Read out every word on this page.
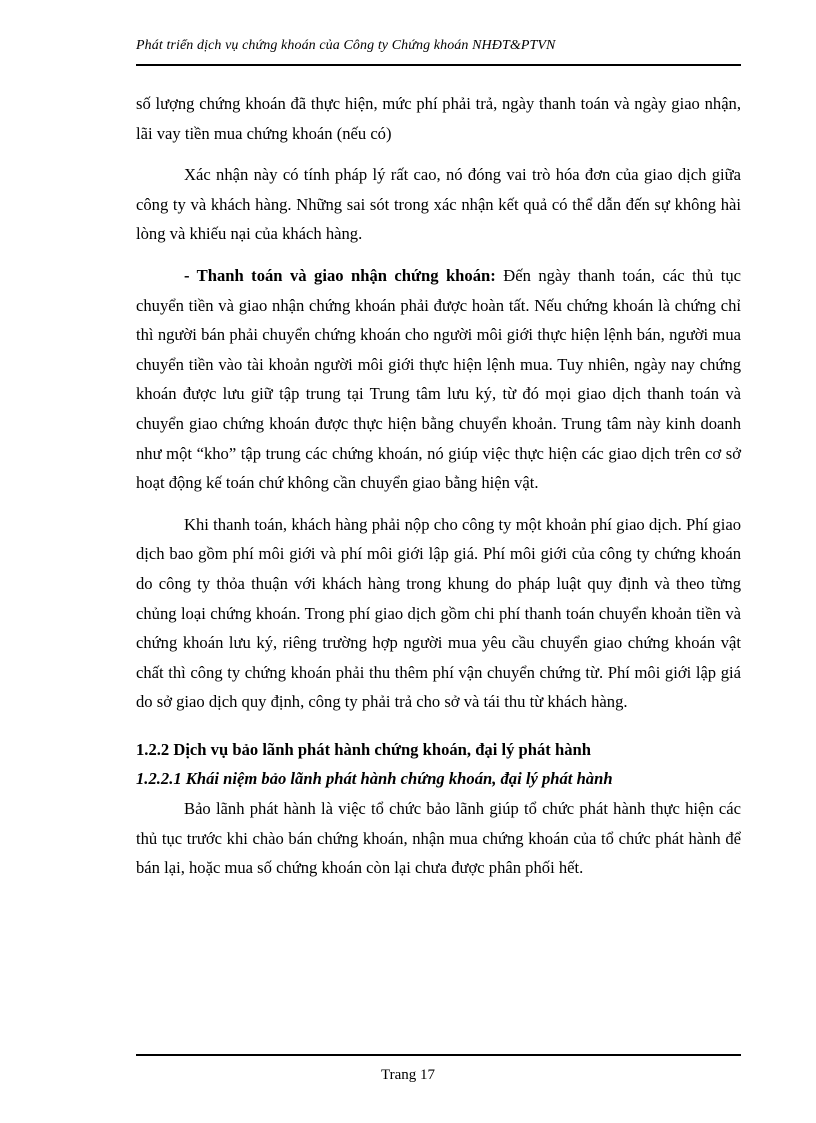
Phát triển dịch vụ chứng khoán của Công ty Chứng khoán NHĐT&PTVN

số lượng chứng khoán đã thực hiện, mức phí phải trả, ngày thanh toán và ngày giao nhận, lãi vay tiền mua chứng khoán (nếu có)

Xác nhận này có tính pháp lý rất cao, nó đóng vai trò hóa đơn của giao dịch giữa công ty và khách hàng. Những sai sót trong xác nhận kết quả có thể dẫn đến sự không hài lòng và khiếu nại của khách hàng.

- Thanh toán và giao nhận chứng khoán: Đến ngày thanh toán, các thủ tục chuyển tiền và giao nhận chứng khoán phải được hoàn tất. Nếu chứng khoán là chứng chỉ thì người bán phải chuyển chứng khoán cho người môi giới thực hiện lệnh bán, người mua chuyển tiền vào tài khoản người môi giới thực hiện lệnh mua. Tuy nhiên, ngày nay chứng khoán được lưu giữ tập trung tại Trung tâm lưu ký, từ đó mọi giao dịch thanh toán và chuyển giao chứng khoán được thực hiện bằng chuyển khoản. Trung tâm này kinh doanh như một “kho” tập trung các chứng khoán, nó giúp việc thực hiện các giao dịch trên cơ sở hoạt động kế toán chứ không cần chuyển giao bằng hiện vật.

Khi thanh toán, khách hàng phải nộp cho công ty một khoản phí giao dịch. Phí giao dịch bao gồm phí môi giới và phí môi giới lập giá. Phí môi giới của công ty chứng khoán do công ty thỏa thuận với khách hàng trong khung do pháp luật quy định và theo từng chủng loại chứng khoán. Trong phí giao dịch gồm chi phí thanh toán chuyển khoản tiền và chứng khoán lưu ký, riêng trường hợp người mua yêu cầu chuyển giao chứng khoán vật chất thì công ty chứng khoán phải thu thêm phí vận chuyển chứng từ. Phí môi giới lập giá do sở giao dịch quy định, công ty phải trả cho sở và tái thu từ khách hàng.

1.2.2 Dịch vụ bảo lãnh phát hành chứng khoán, đại lý phát hành

1.2.2.1 Khái niệm bảo lãnh phát hành chứng khoán, đại lý phát hành

Bảo lãnh phát hành là việc tổ chức bảo lãnh giúp tổ chức phát hành thực hiện các thủ tục trước khi chào bán chứng khoán, nhận mua chứng khoán của tổ chức phát hành để bán lại, hoặc mua số chứng khoán còn lại chưa được phân phối hết.

Trang 17
